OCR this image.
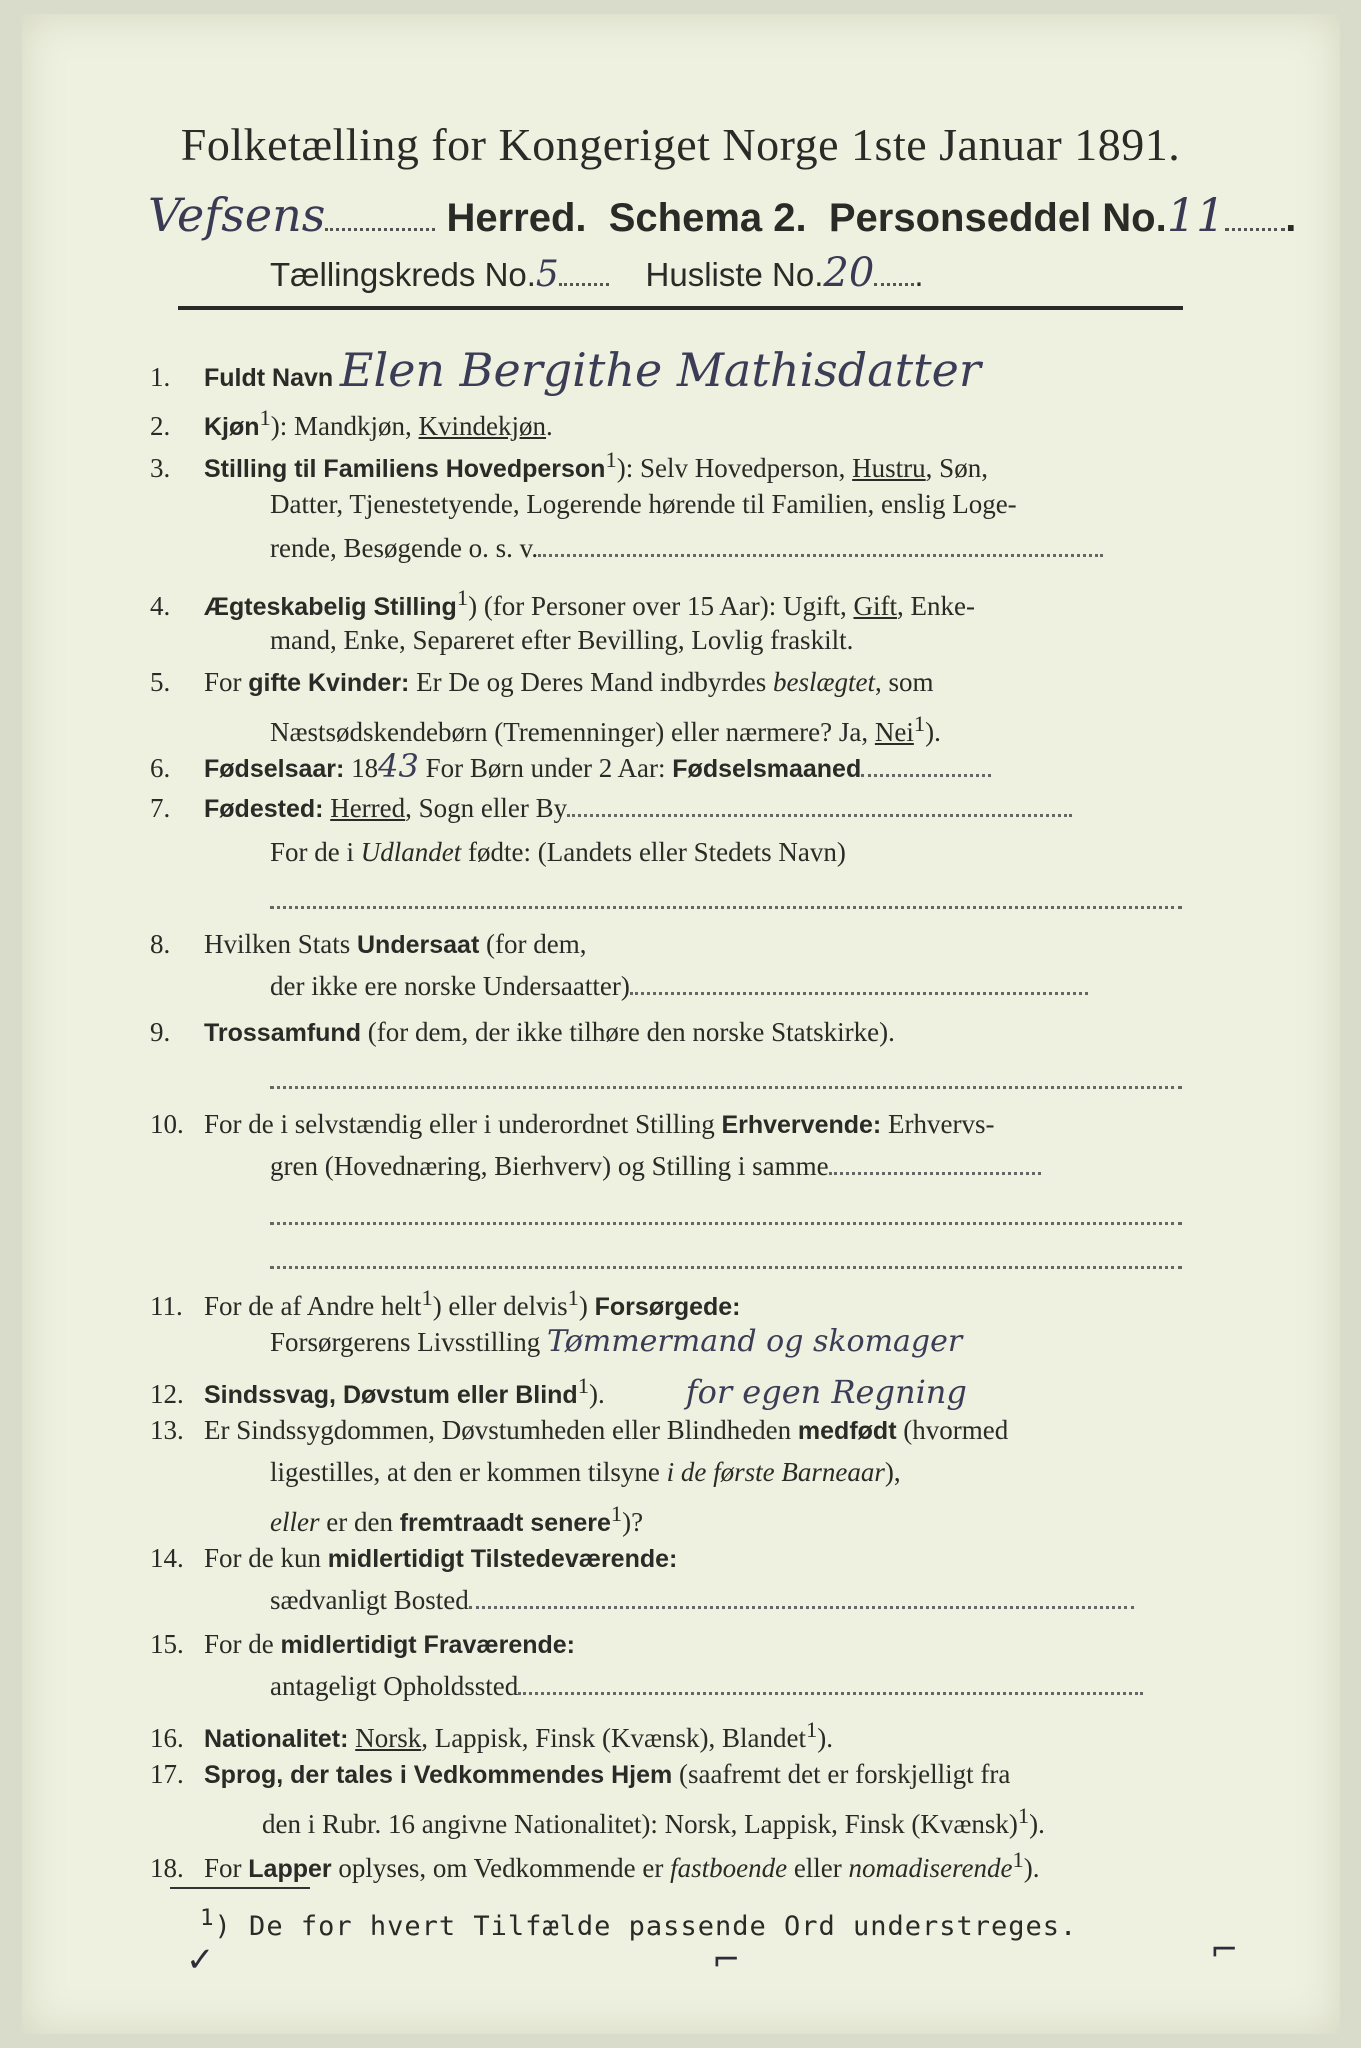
Folketælling for Kongeriget Norge 1ste Januar 1891.
Vefsens	Herred. Schema 2. Personseddel No.11 .
Tællingskreds No.5	Husliste No.20 .
1. Fuldt Navn Elen Bergithe Mathisdatter
2. Kjøn$^1$): Mandkjøn, Kvindekjøn.
3. Stilling til Familiens Hovedperson$^1$): Selv Hovedperson, Hustru, Søn,
Datter, Tjenestetyende, Logerende hørende til Familien, enslig Loge-
rende, Besøgende o. s. v.
4. Ægteskabelig Stilling$^1$) (for Personer over 15 Aar): Ugift, Gift, Enke-
mand, Enke, Separeret efter Bevilling, Lovlig fraskilt.
5. For gifte Kvinder: Er De og Deres Mand indbyrdes beslægtet, som
Næstsødskendebørn (Tremenninger) eller nærmere? Ja, Nei$^1$).
6. Fødselsaar: 1843 For Børn under 2 Aar: Fødselsmaaned
7. Fødested: Herred, Sogn eller By
For de i Udlandet fødte: (Landets eller Stedets Navn)
8. Hvilken Stats Undersaat (for dem,
der ikke ere norske Undersaatter)
9. Trossamfund (for dem, der ikke tilhøre den norske Statskirke).
10. For de i selvstændig eller i underordnet Stilling Erhvervende: Erhvervs-
gren (Hovednæring, Bierhverv) og Stilling i samme
11. For de af Andre helt$^1$) eller delvis$^1$) Forsørgede:
Forsørgerens Livsstilling Tømmermand og skomager
12. Sindssvag, Døvstum eller Blind$^1$).	for egen Regning
13. Er Sindssygdommen, Døvstumheden eller Blindheden medfødt (hvormed
ligestilles, at den er kommen tilsyne i de første Barneaar),
eller er den fremtraadt senere$^1$)?
14. For de kun midlertidigt Tilstedeværende:
sædvanligt Bosted
15. For de midlertidigt Fraværende:
antageligt Opholdssted
16. Nationalitet: Norsk, Lappisk, Finsk (Kvænsk), Blandet$^1$).
17. Sprog, der tales i Vedkommendes Hjem (saafremt det er forskjelligt fra
den i Rubr. 16 angivne Nationalitet): Norsk, Lappisk, Finsk (Kvænsk)$^1$).
18. For Lapper oplyses, om Vedkommende er fastboende eller nomadiserende$^1$).
$^1$) De for hvert Tilfælde passende Ord understreges.
✓	⌐	⌐
